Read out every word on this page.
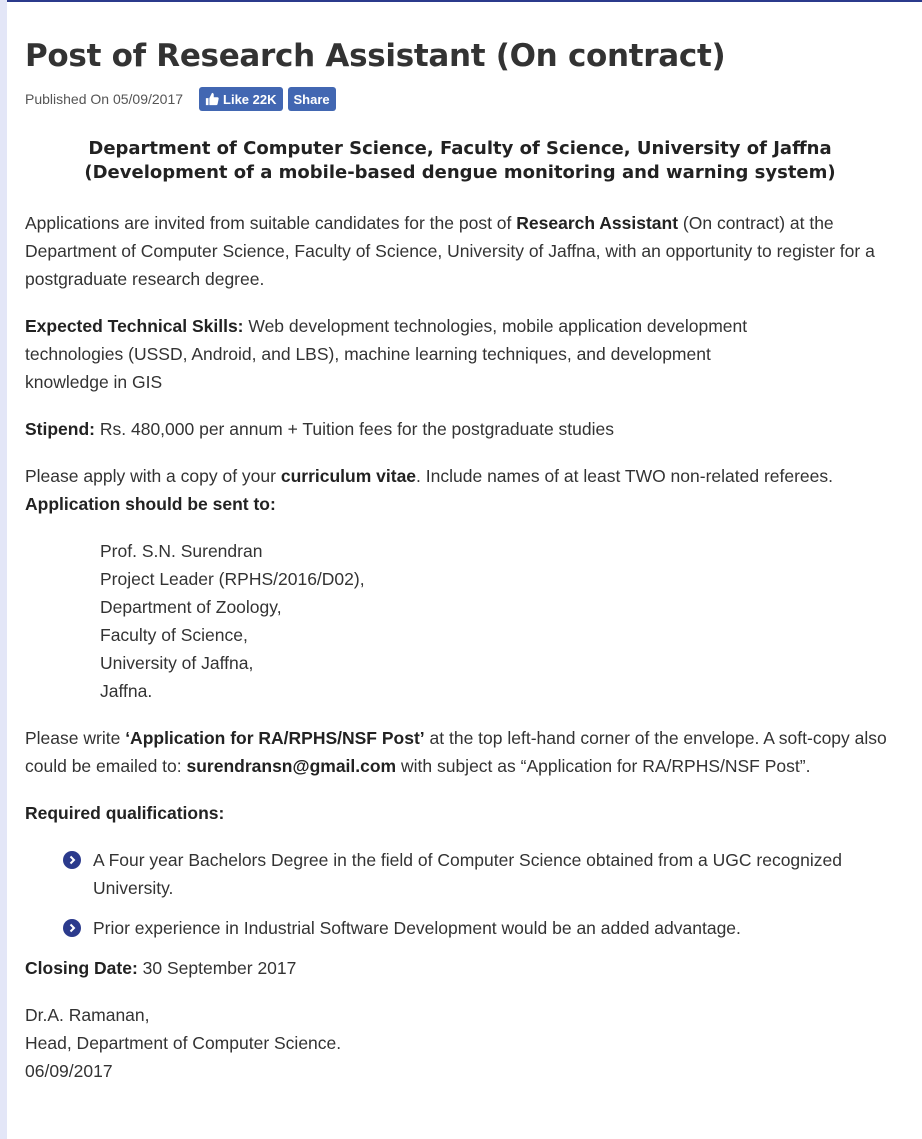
Post of Research Assistant (On contract)
Published On 05/09/2017	Like 22K	Share
Department of Computer Science, Faculty of Science, University of Jaffna
(Development of a mobile-based dengue monitoring and warning system)

Applications are invited from suitable candidates for the post of Research Assistant (On contract) at the Department of Computer Science, Faculty of Science, University of Jaffna, with an opportunity to register for a postgraduate research degree.

Expected Technical Skills: Web development technologies, mobile application development
technologies (USSD, Android, and LBS), machine learning techniques, and development
knowledge in GIS

Stipend: Rs. 480,000 per annum + Tuition fees for the postgraduate studies

Please apply with a copy of your curriculum vitae. Include names of at least TWO non-related referees.
Application should be sent to:

Prof. S.N. Surendran
Project Leader (RPHS/2016/D02),
Department of Zoology,
Faculty of Science,
University of Jaffna,
Jaffna.

Please write ‘Application for RA/RPHS/NSF Post’ at the top left-hand corner of the envelope. A soft-copy also could be emailed to: surendransn@gmail.com with subject as “Application for RA/RPHS/NSF Post”.

Required qualifications:

A Four year Bachelors Degree in the field of Computer Science obtained from a UGC recognized University.
Prior experience in Industrial Software Development would be an added advantage.

Closing Date: 30 September 2017

Dr.A. Ramanan,
Head, Department of Computer Science.
06/09/2017
